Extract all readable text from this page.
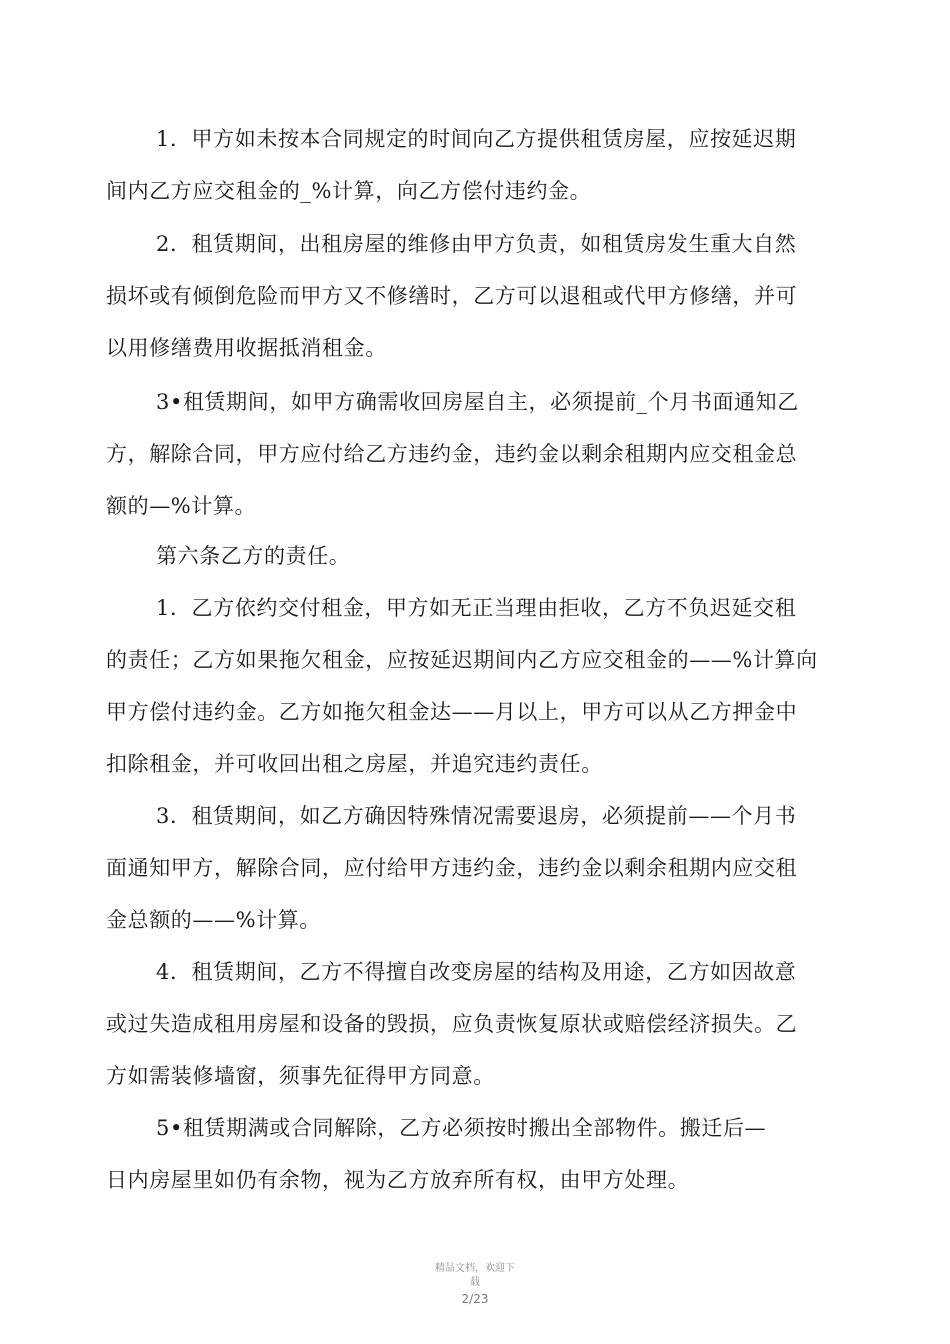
1．甲方如未按本合同规定的时间向乙方提供租赁房屋，应按延迟期
间内乙方应交租金的_%计算，向乙方偿付违约金。
2．租赁期间，出租房屋的维修由甲方负责，如租赁房发生重大自然
损坏或有倾倒危险而甲方又不修缮时，乙方可以退租或代甲方修缮，并可
以用修缮费用收据抵消租金。
3•租赁期间，如甲方确需收回房屋自主，必须提前_个月书面通知乙
方，解除合同，甲方应付给乙方违约金，违约金以剩余租期内应交租金总
额的—%计算。
第六条乙方的责任。
1．乙方依约交付租金，甲方如无正当理由拒收，乙方不负迟延交租
的责任；乙方如果拖欠租金，应按延迟期间内乙方应交租金的——%计算向
甲方偿付违约金。乙方如拖欠租金达——月以上，甲方可以从乙方押金中
扣除租金，并可收回出租之房屋，并追究违约责任。
3．租赁期间，如乙方确因特殊情况需要退房，必须提前——个月书
面通知甲方，解除合同，应付给甲方违约金，违约金以剩余租期内应交租
金总额的——%计算。
4．租赁期间，乙方不得擅自改变房屋的结构及用途，乙方如因故意
或过失造成租用房屋和设备的毁损，应负责恢复原状或赔偿经济损失。乙
方如需装修墙窗，须事先征得甲方同意。
5•租赁期满或合同解除，乙方必须按时搬出全部物件。搬迁后—
日内房屋里如仍有余物，视为乙方放弃所有权，由甲方处理。
精品文档，欢迎下
载
2/23
